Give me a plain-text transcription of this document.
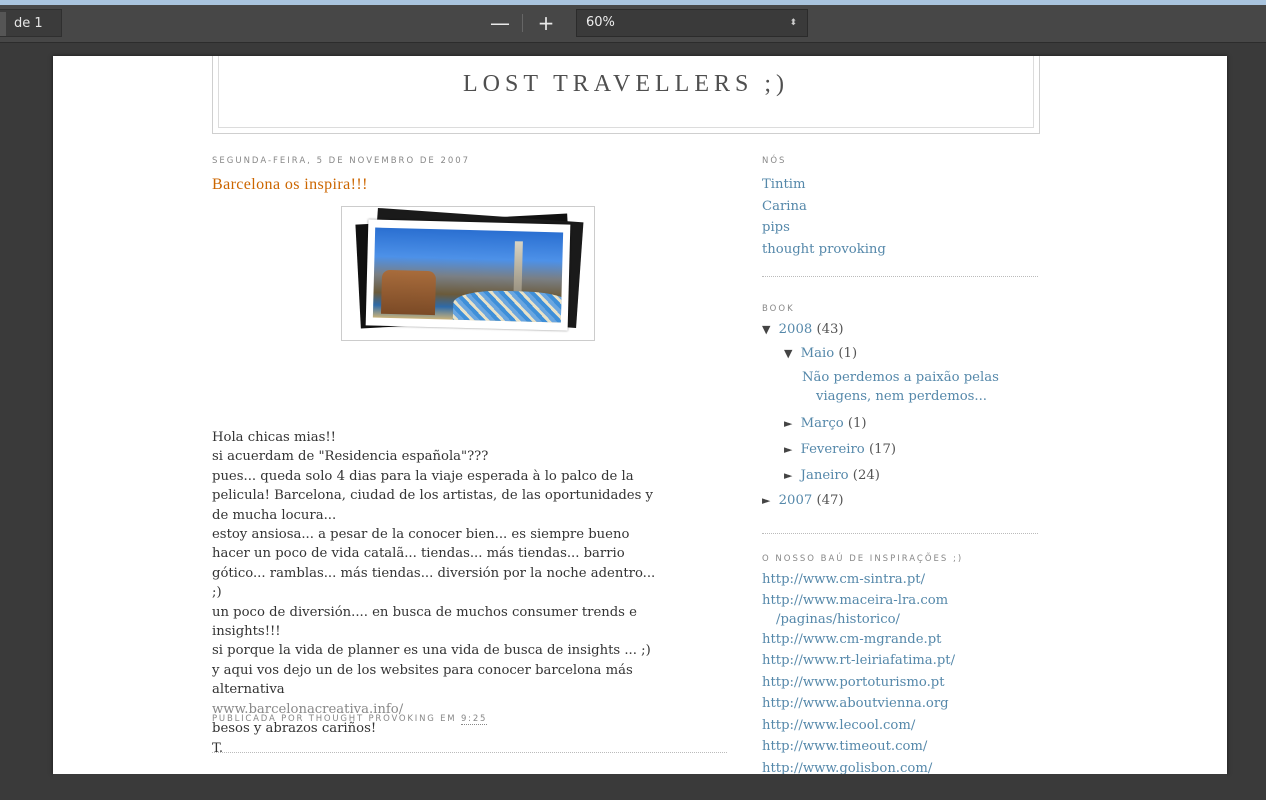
de 1	— +	60%	⬍
LOST TRAVELLERS ;)
SEGUNDA-FEIRA, 5 DE NOVEMBRO DE 2007
Barcelona os inspira!!!
Hola chicas mias!!
si acuerdam de "Residencia española"???
pues... queda solo 4 dias para la viaje esperada à lo palco de la
pelicula! Barcelona, ciudad de los artistas, de las oportunidades y
de mucha locura...
estoy ansiosa... a pesar de la conocer bien... es siempre bueno
hacer un poco de vida catalã... tiendas... más tiendas... barrio
gótico... ramblas... más tiendas... diversión por la noche adentro...
;)
un poco de diversión.... en busca de muchos consumer trends e
insights!!!
si porque la vida de planner es una vida de busca de insights ... ;)
y aqui vos dejo un de los websites para conocer barcelona más
alternativa
www.barcelonacreativa.info/
besos y abrazos cariños!
T.
PUBLICADA POR THOUGHT PROVOKING EM 9:25
NÓS
Tintim
Carina
pips
thought provoking
BOOK
▼ 2008 (43)
▼ Maio (1)
Não perdemos a paixão pelas
viagens, nem perdemos...
► Março (1)
► Fevereiro (17)
► Janeiro (24)
► 2007 (47)
O NOSSO BAÚ DE INSPIRAÇÕES ;)
http://www.cm-sintra.pt/
http://www.maceira-lra.com
/paginas/historico/
http://www.cm-mgrande.pt
http://www.rt-leiriafatima.pt/
http://www.portoturismo.pt
http://www.aboutvienna.org
http://www.lecool.com/
http://www.timeout.com/
http://www.golisbon.com/
